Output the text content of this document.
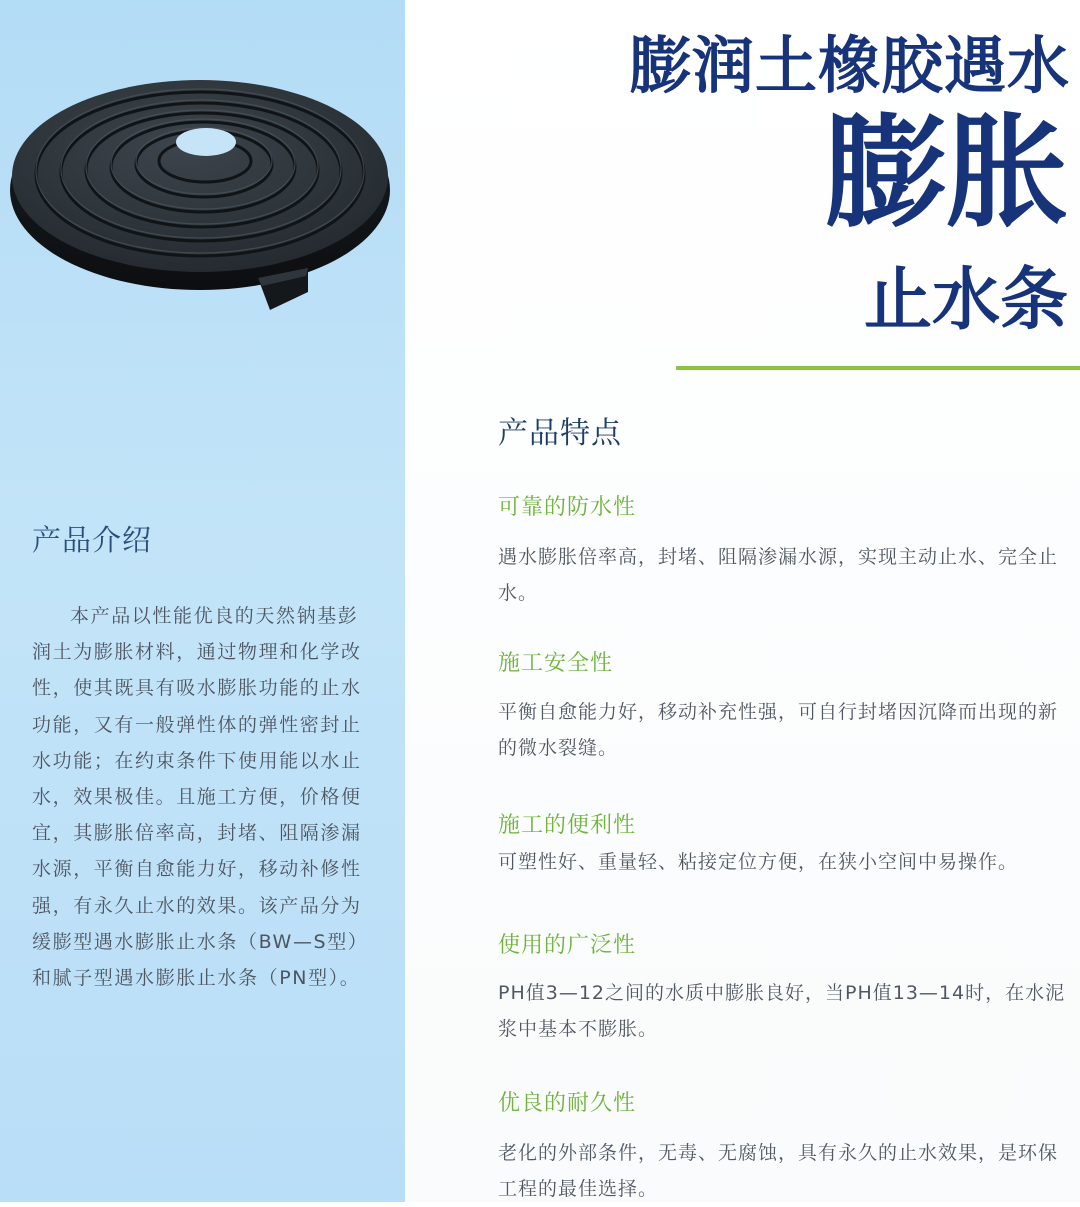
产品介绍

本产品以性能优良的天然钠基彭润土为膨胀材料，通过物理和化学改性，使其既具有吸水膨胀功能的止水功能，又有一般弹性体的弹性密封止水功能；在约束条件下使用能以水止水，效果极佳。且施工方便，价格便宜，其膨胀倍率高，封堵、阻隔渗漏水源，平衡自愈能力好，移动补修性强，有永久止水的效果。该产品分为缓膨型遇水膨胀止水条（BW—S型）和腻子型遇水膨胀止水条（PN型）。

膨润土橡胶遇水
膨胀
止水条
产品特点
可靠的防水性

遇水膨胀倍率高，封堵、阻隔渗漏水源，实现主动止水、完全止水。

施工安全性

平衡自愈能力好，移动补充性强，可自行封堵因沉降而出现的新的微水裂缝。

施工的便利性

可塑性好、重量轻、粘接定位方便，在狭小空间中易操作。

使用的广泛性

PH值3—12之间的水质中膨胀良好，当PH值13—14时，在水泥浆中基本不膨胀。

优良的耐久性

老化的外部条件，无毒、无腐蚀，具有永久的止水效果，是环保工程的最佳选择。
